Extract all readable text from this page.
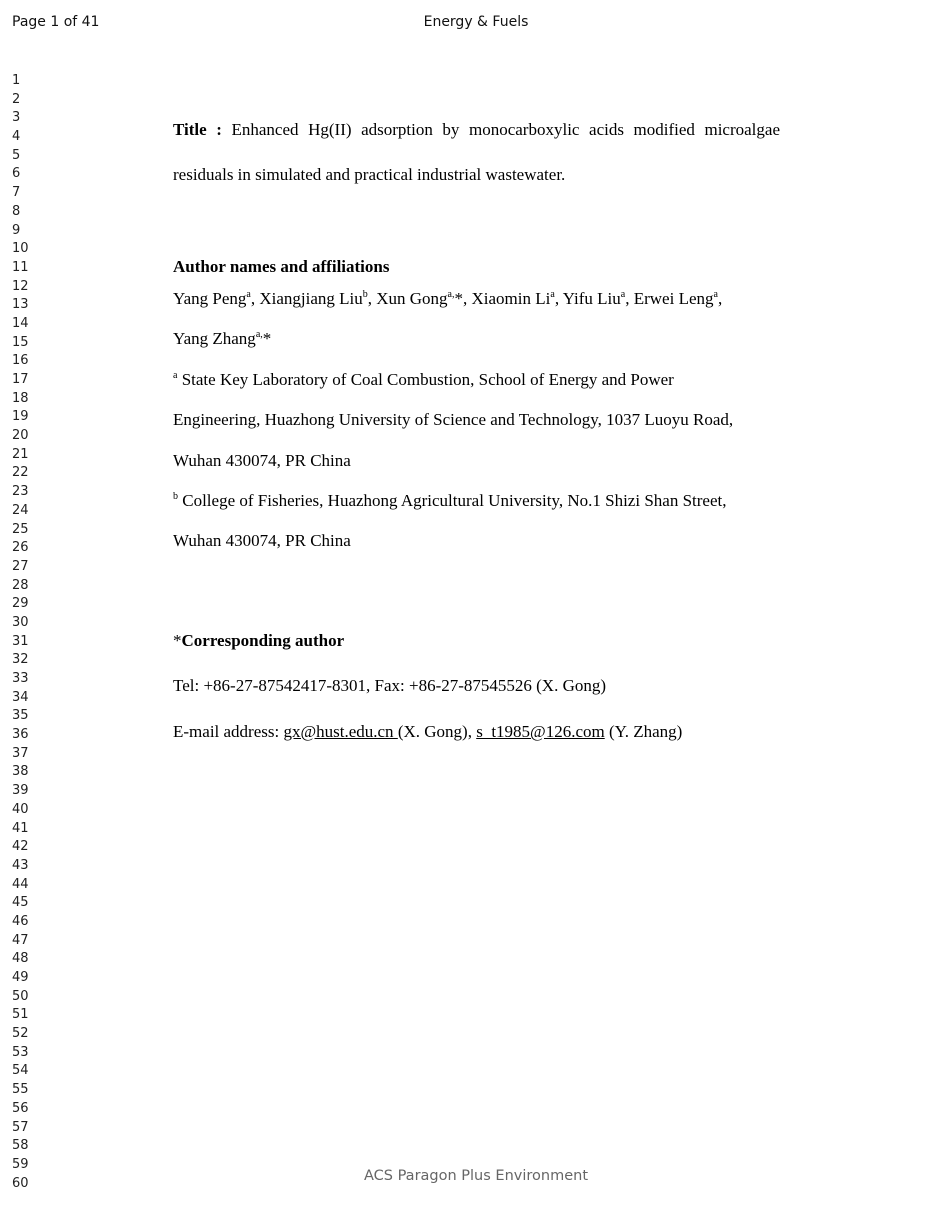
Page 1 of 41	Energy & Fuels
1
2
3
4
5
6
7
8
9
10
11
12
13
14
15
16
17
18
19
20
21
22
23
24
25
26
27
28
29
30
31
32
33
34
35
36
37
38
39
40
41
42
43
44
45
46
47
48
49
50
51
52
53
54
55
56
57
58
59
60
Title : Enhanced Hg(II) adsorption by monocarboxylic acids modified microalgae
residuals in simulated and practical industrial wastewater.
Author names and affiliations
Yang Peng$^a$, Xiangjiang Liu$^b$, Xun Gong$^{a,}$*, Xiaomin Li$^a$, Yifu Liu$^a$, Erwei Leng$^a$,
Yang Zhang$^{a,}$*
$^a$ State Key Laboratory of Coal Combustion, School of Energy and Power
Engineering, Huazhong University of Science and Technology, 1037 Luoyu Road,
Wuhan 430074, PR China
$^b$ College of Fisheries, Huazhong Agricultural University, No.1 Shizi Shan Street,
Wuhan 430074, PR China
*Corresponding author
Tel: +86-27-87542417-8301, Fax: +86-27-87545526 (X. Gong)
E-mail address: gx@hust.edu.cn (X. Gong), s_t1985@126.com (Y. Zhang)
ACS Paragon Plus Environment
